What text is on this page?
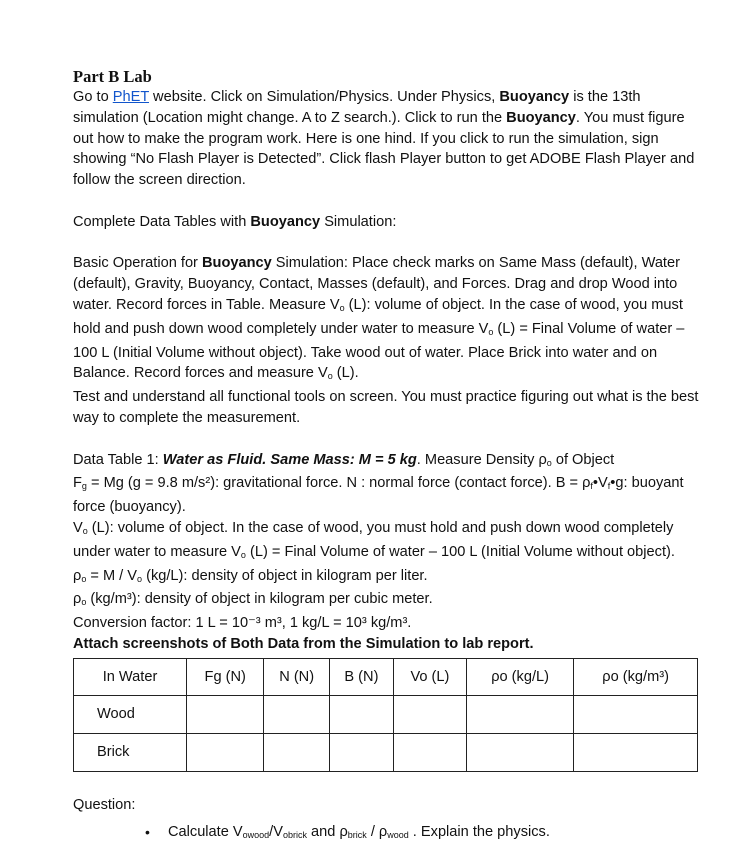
Part B Lab

Go to PhET website. Click on Simulation/Physics. Under Physics, Buoyancy is the 13th simulation (Location might change. A to Z search.). Click to run the Buoyancy. You must figure out how to make the program work. Here is one hind. If you click to run the simulation, sign showing “No Flash Player is Detected”. Click flash Player button to get ADOBE Flash Player and follow the screen direction.

Complete Data Tables with Buoyancy Simulation:

Basic Operation for Buoyancy Simulation: Place check marks on Same Mass (default), Water (default), Gravity, Buoyancy, Contact, Masses (default), and Forces. Drag and drop Wood into water. Record forces in Table. Measure $V_o$ (L): volume of object. In the case of wood, you must hold and push down wood completely under water to measure $V_o$ (L) = Final Volume of water – 100 L (Initial Volume without object). Take wood out of water. Place Brick into water and on Balance. Record forces and measure $V_o$ (L).

Test and understand all functional tools on screen. You must practice figuring out what is the best way to complete the measurement.

Data Table 1: Water as Fluid. Same Mass: M = 5 kg. Measure Density $\rho_o$ of Object

$F_g = Mg$ (g = 9.8 m/s²): gravitational force. N : normal force (contact force). $B = \rho_f•V_f•g$: buoyant force (buoyancy).

$V_o$ (L): volume of object. In the case of wood, you must hold and push down wood completely under water to measure $V_o$ (L) = Final Volume of water – 100 L (Initial Volume without object).

$\rho_o = M / V_o$ (kg/L): density of object in kilogram per liter.

$\rho_o$ (kg/m³): density of object in kilogram per cubic meter.

Conversion factor: 1 L = 10⁻³ m³, 1 kg/L = 10³ kg/m³.

Attach screenshots of Both Data from the Simulation to lab report.

In Water	Fg (N)	N (N)	B (N)	Vo (L)	ρo (kg/L)	ρo (kg/m³)
Wood						
Brick						

Question:

• Calculate $V_{owood}/V_{obrick}$ and $\rho_{brick} / \rho_{wood}$ . Explain the physics.
